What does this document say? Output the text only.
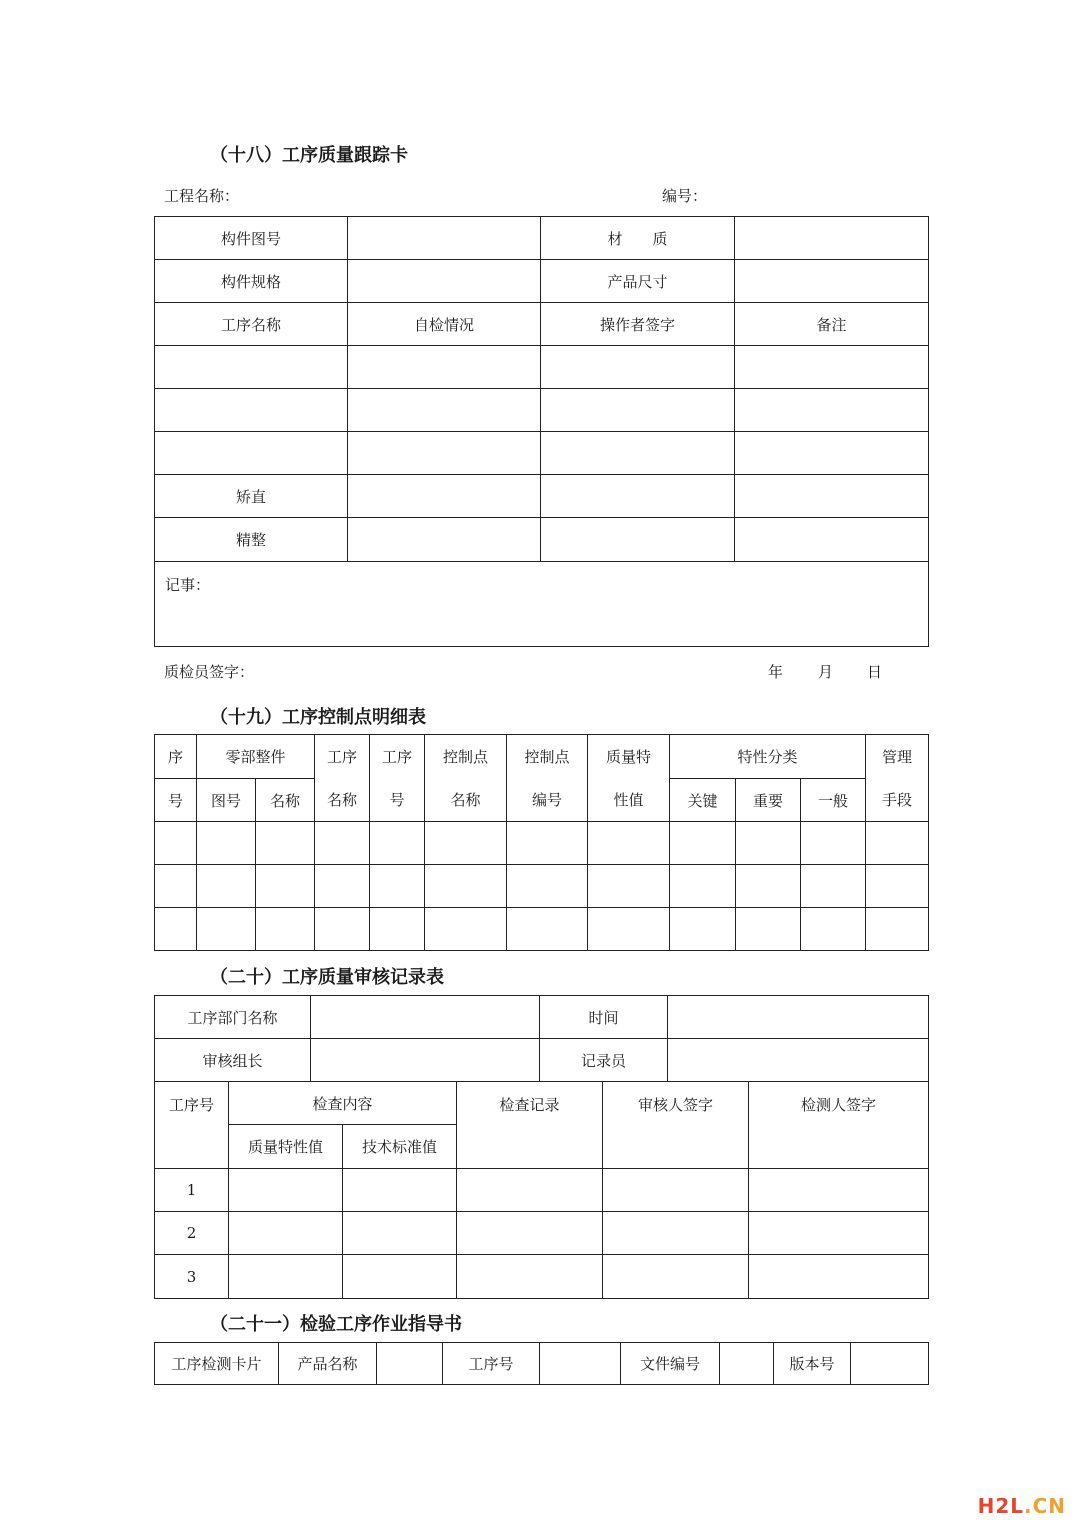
（十八）工序质量跟踪卡
工程名称：	编号：
构件图号		材　　质	
构件规格		产品尺寸	
工序名称	自检情况	操作者签字	备注

矫直			
精整			
记事：			
质检员签字：	年 月 日
（十九）工序控制点明细表
序	零部整件		工序	工序	控制点	控制点	质量特	特性分类			管理
号	图号	名称	名称	号	名称	编号	性值	关键	重要	一般	手段

（二十）工序质量审核记录表
工序部门名称		时间	
审核组长		记录员	
工序号	检查内容		检查记录	审核人签字	检测人签字
	质量特性值	技术标准值			
1					
2					
3					
（二十一）检验工序作业指导书
工序检测卡片	产品名称		工序号		文件编号		版本号	
H2L.CN
